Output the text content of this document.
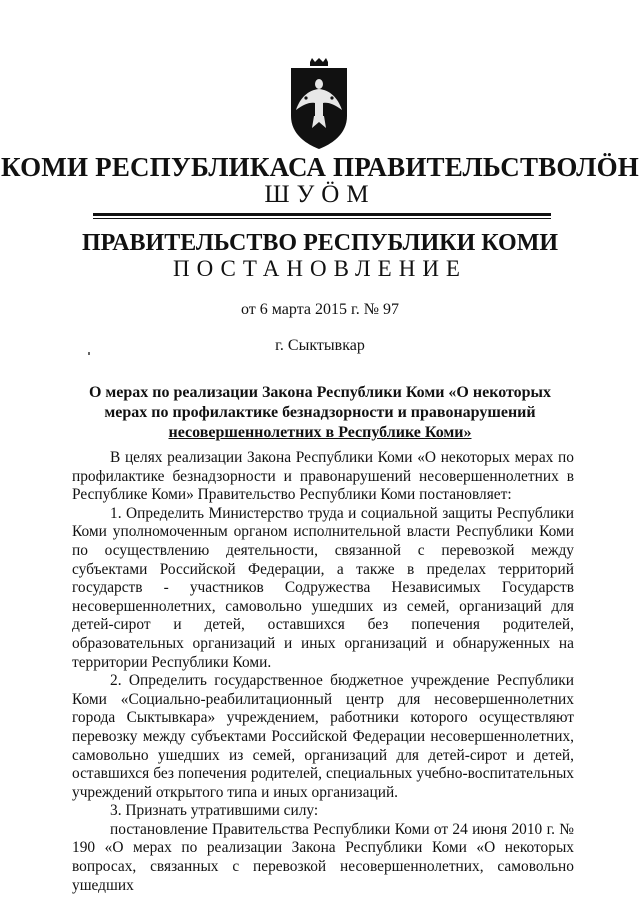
КОМИ РЕСПУБЛИКАСА ПРАВИТЕЛЬСТВОЛÖН
ШУÖМ
ПРАВИТЕЛЬСТВО РЕСПУБЛИКИ КОМИ
ПОСТАНОВЛЕНИЕ
от 6 марта 2015 г. № 97
г. Сыктывкар
О мерах по реализации Закона Республики Коми «О некоторых
мерах по профилактике безнадзорности и правонарушений
несовершеннолетних в Республике Коми»

В целях реализации Закона Республики Коми «О некоторых мерах по профилактике безнадзорности и правонарушений несовершеннолетних в Республике Коми» Правительство Республики Коми постановляет:

1. Определить Министерство труда и социальной защиты Республики Коми уполномоченным органом исполнительной власти Республики Коми по осуществлению деятельности, связанной с перевозкой между субъектами Российской Федерации, а также в пределах территорий государств - участников Содружества Независимых Государств несовершеннолетних, самовольно ушедших из семей, организаций для детей-сирот и детей, оставшихся без попечения родителей, образовательных организаций и иных организаций и обнаруженных на территории Республики Коми.

2. Определить государственное бюджетное учреждение Республики Коми «Социально-реабилитационный центр для несовершеннолетних города Сыктывкара» учреждением, работники которого осуществляют перевозку между субъектами Российской Федерации несовершеннолетних, самовольно ушедших из семей, организаций для детей-сирот и детей, оставшихся без попечения родителей, специальных учебно-воспитательных учреждений открытого типа и иных организаций.

3. Признать утратившими силу:

постановление Правительства Республики Коми от 24 июня 2010 г. № 190 «О мерах по реализации Закона Республики Коми «О некоторых вопросах, связанных с перевозкой несовершеннолетних, самовольно ушедших
